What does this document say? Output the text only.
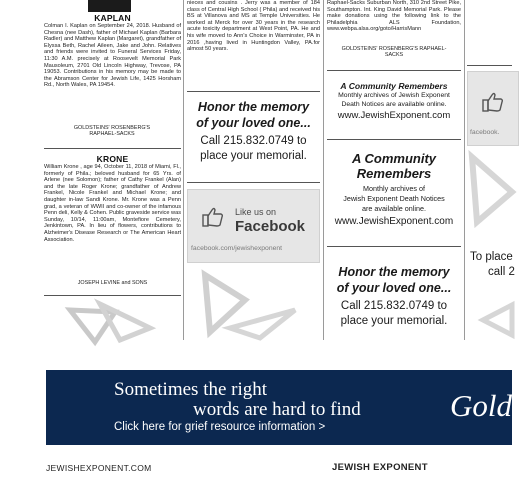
KAPLAN
Colman I. Kaplan on September 24, 2018. Husband of Chesna (nee Dash), father of Michael Kaplan (Barbara Radler) and Matthew Kaplan (Margaret), grandfather of Elyssa Beth, Rachel Aileen, Jake and John. Relatives and friends were invited to Funeral Services Friday, 11:30 A.M. precisely at Roosevelt Memorial Park Mausoleum, 2701 Old Lincoln Highway, Trevose, PA 19053. Contributions in his memory may be made to the Abramson Center for Jewish Life, 1425 Horsham Rd., North Wales, PA 19454.
GOLDSTEINS' ROSENBERG'S RAPHAEL-SACKS
KRONE
William Krone , age 94, October 11, 2018 of Miami, Fl., formerly of Phila.; beloved husband for 65 Yrs. of Arlene (nee Solomon); father of Cathy Frankel (Alan) and the late Roger Krone; grandfather of Andrew Frankel, Nicole Frankel and Michael Krone; and daughter in-law Sandi Krone. Mr. Krone was a Penn grad, a veteran of WWII and co-owner of the infamous Penn deli, Kelly & Cohen. Public graveside service was Sunday, 10/14, 11:00am, Montefiore Cemetery, Jenkintown, PA. In lieu of flowers, contributions to Alzheimer's Disease Research or The American Heart Association.
JOSEPH LEVINE and SONS
nieces and cousins . Jerry was a member of 184 class of Central High School ( Phila) and received his BS at Villanova and MS at Temple Universities. He worked at Merck for over 30 years in the research acute toxicity department at West Point, PA. He and his wife moved to Ann's Choice in Warminster, PA in 2016 ,having lived in Huntingdon Valley, PA.for almost 50 years.
Honor the memory
of your loved one...
Call 215.832.0749 to
place your memorial.
Like us on
Facebook
facebook.com/jewishexponent
Raphael-Sacks Suburban North, 310 2nd Street Pike, Southampton. Int. King David Memorial Park. Please make donations using the following link to the Philadelphia ALS Foundation, www.webpa.alsa.org/goto/HarrisMann
GOLDSTEINS' ROSENBERG'S RAPHAEL-SACKS
A Community Remembers
Monthly archives of Jewish Exponent
Death Notices are available online.
www.JewishExponent.com
A Community
Remembers
Monthly archives of
Jewish Exponent Death Notices
are available online.
www.JewishExponent.com
Honor the memory
of your loved one...
Call 215.832.0749 to
place your memorial.
facebook.
To place
call 2
Sometimes the right
words are hard to find
Click here for grief resource information >
Golds
JEWISHEXPONENT.COM	JEWISH EXPONENT
